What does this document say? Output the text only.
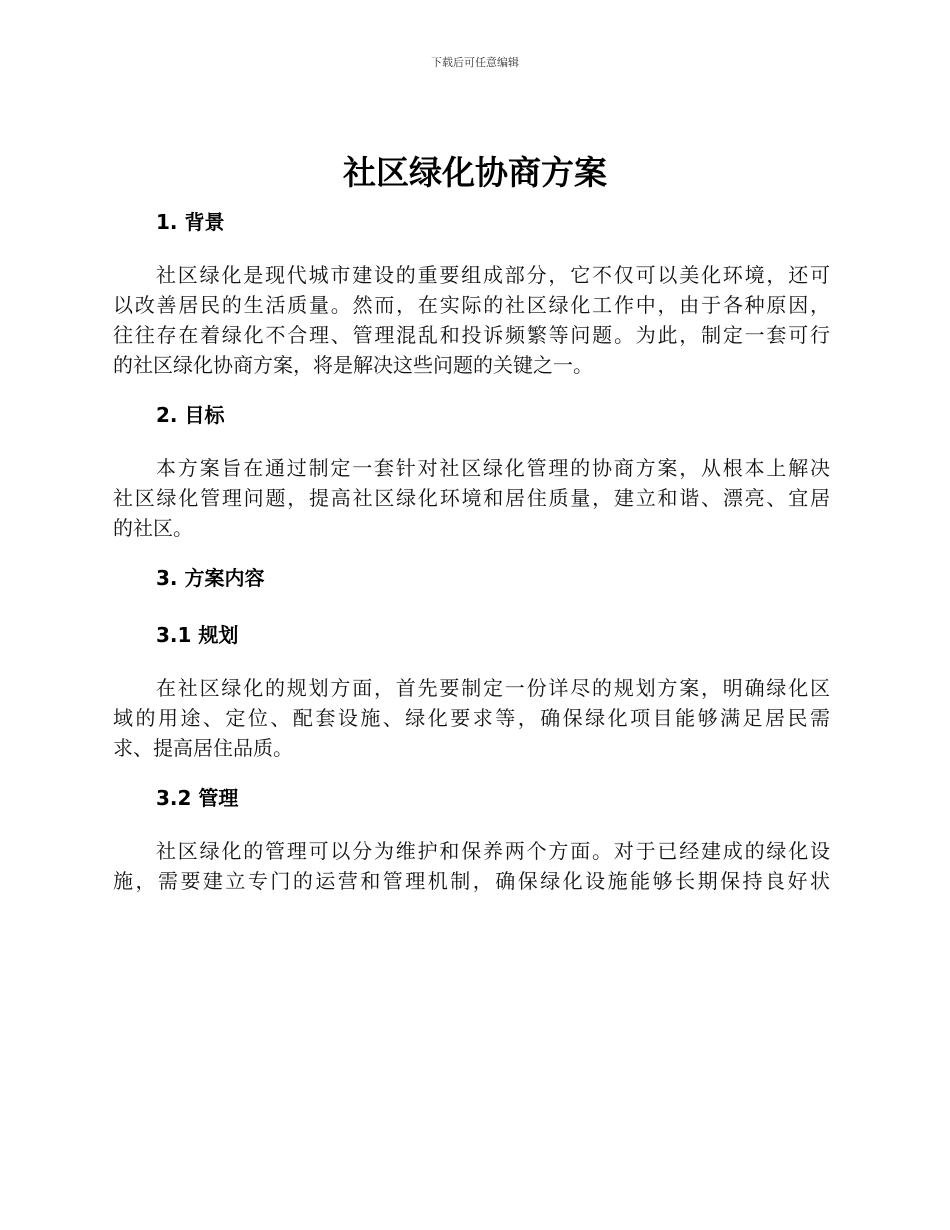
下载后可任意编辑
社区绿化协商方案
1. 背景

社区绿化是现代城市建设的重要组成部分，它不仅可以美化环境，还可
以改善居民的生活质量。然而，在实际的社区绿化工作中，由于各种原因，
往往存在着绿化不合理、管理混乱和投诉频繁等问题。为此，制定一套可行
的社区绿化协商方案，将是解决这些问题的关键之一。

2. 目标

本方案旨在通过制定一套针对社区绿化管理的协商方案，从根本上解决
社区绿化管理问题，提高社区绿化环境和居住质量，建立和谐、漂亮、宜居
的社区。

3. 方案内容
3.1 规划

在社区绿化的规划方面，首先要制定一份详尽的规划方案，明确绿化区
域的用途、定位、配套设施、绿化要求等，确保绿化项目能够满足居民需
求、提高居住品质。

3.2 管理

社区绿化的管理可以分为维护和保养两个方面。对于已经建成的绿化设
施，需要建立专门的运营和管理机制，确保绿化设施能够长期保持良好状
